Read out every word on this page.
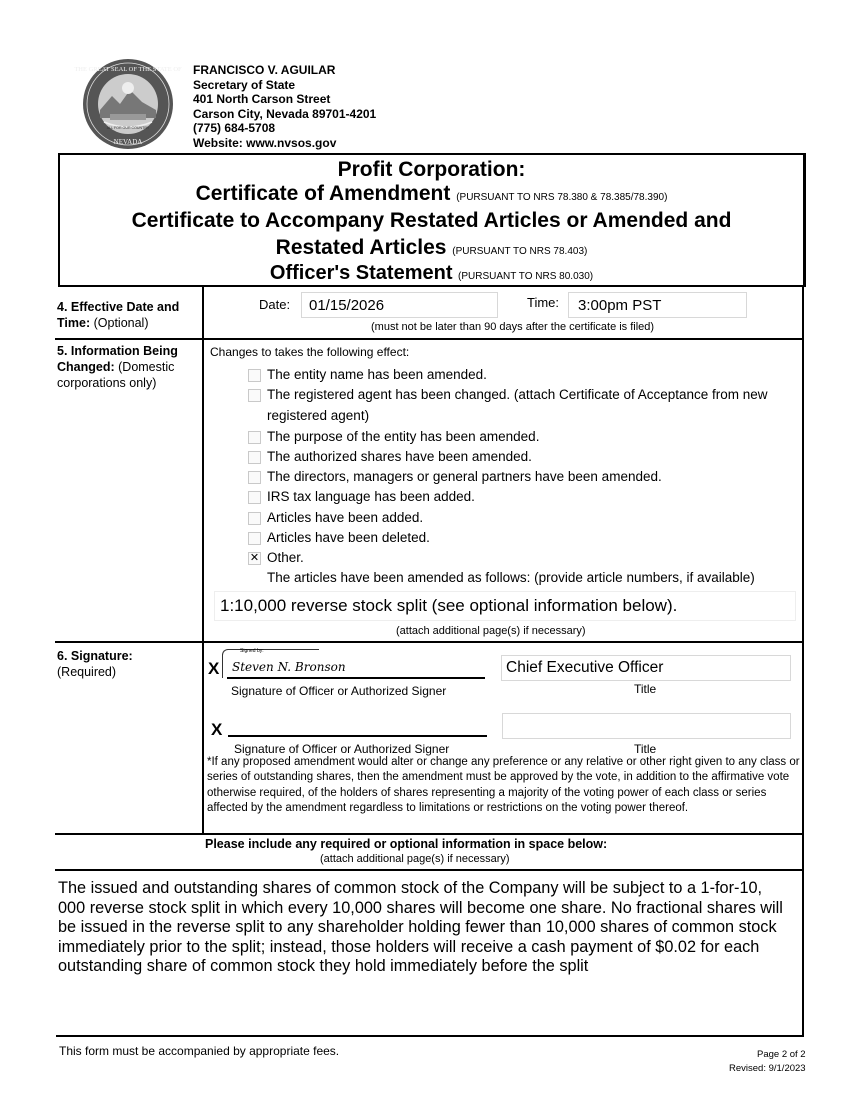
THE GREAT SEAL OF THE STATE OF
NEVADA
ALL FOR OUR COUNTRY
FRANCISCO V. AGUILAR
Secretary of State
401 North Carson Street
Carson City, Nevada 89701-4201
(775) 684-5708
Website: www.nvsos.gov
Profit Corporation:
Certificate of Amendment (PURSUANT TO NRS 78.380 & 78.385/78.390)
Certificate to Accompany Restated Articles or Amended and
Restated Articles (PURSUANT TO NRS 78.403)
Officer's Statement (PURSUANT TO NRS 80.030)
4. Effective Date and
Time: (Optional)
Date: 01/15/2026	Time: 3:00pm PST
(must not be later than 90 days after the certificate is filed)
5. Information Being
Changed: (Domestic
corporations only)
Changes to takes the following effect:
The entity name has been amended.
The registered agent has been changed. (attach Certificate of Acceptance from new
registered agent)
The purpose of the entity has been amended.
The authorized shares have been amended.
The directors, managers or general partners have been amended.
IRS tax language has been added.
Articles have been added.
Articles have been deleted.
✕ Other.
The articles have been amended as follows: (provide article numbers, if available)
1:10,000 reverse stock split (see optional information below).
(attach additional page(s) if necessary)
6. Signature:
(Required)	X
Signed by:
Steven N. Bronson
Signature of Officer or Authorized Signer
Chief Executive Officer
Title
X
Signature of Officer or Authorized Signer	Title
*If any proposed amendment would alter or change any preference or any relative or other right given to any class or series of outstanding shares, then the amendment must be approved by the vote, in addition to the affirmative vote otherwise required, of the holders of shares representing a majority of the voting power of each class or series affected by the amendment regardless to limitations or restrictions on the voting power thereof.
Please include any required or optional information in space below:
(attach additional page(s) if necessary)
The issued and outstanding shares of common stock of the Company will be subject to a 1-for-10, 000 reverse stock split in which every 10,000 shares will become one share. No fractional shares will be issued in the reverse split to any shareholder holding fewer than 10,000 shares of common stock immediately prior to the split; instead, those holders will receive a cash payment of $0.02 for each outstanding share of common stock they hold immediately before the split
This form must be accompanied by appropriate fees.	Page 2 of 2
Revised: 9/1/2023
